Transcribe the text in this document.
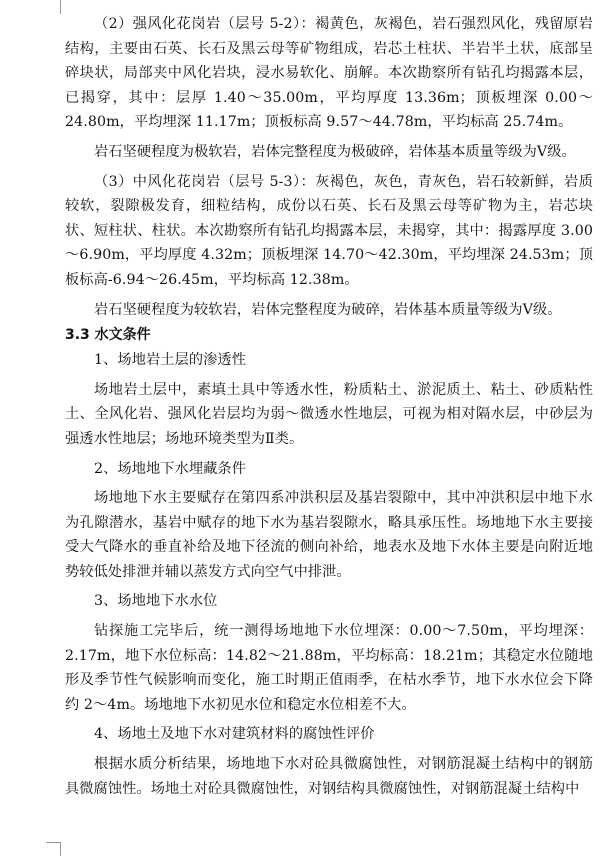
（2）强风化花岗岩（层号 5-2）：褐黄色，灰褐色，岩石强烈风化，残留原岩结构，主要由石英、长石及黑云母等矿物组成，岩芯土柱状、半岩半土状，底部呈碎块状，局部夹中风化岩块，浸水易软化、崩解。本次勘察所有钻孔均揭露本层，已揭穿，其中：层厚 1.40～35.00m，平均厚度 13.36m；顶板埋深 0.00～24.80m，平均埋深 11.17m；顶板标高 9.57～44.78m，平均标高 25.74m。

岩石坚硬程度为极软岩，岩体完整程度为极破碎，岩体基本质量等级为Ⅴ级。

（3）中风化花岗岩（层号 5-3）：灰褐色，灰色，青灰色，岩石较新鲜，岩质较软，裂隙极发育，细粒结构，成份以石英、长石及黑云母等矿物为主，岩芯块状、短柱状、柱状。本次勘察所有钻孔均揭露本层，未揭穿，其中：揭露厚度 3.00～6.90m，平均厚度 4.32m；顶板埋深 14.70～42.30m，平均埋深 24.53m；顶板标高-6.94～26.45m，平均标高 12.38m。

岩石坚硬程度为较软岩，岩体完整程度为破碎，岩体基本质量等级为Ⅴ级。

3.3 水文条件

1、场地岩土层的渗透性

场地岩土层中，素填土具中等透水性，粉质粘土、淤泥质土、粘土、砂质粘性土、全风化岩、强风化岩层均为弱～微透水性地层，可视为相对隔水层，中砂层为强透水性地层；场地环境类型为Ⅱ类。

2、场地地下水埋藏条件

场地地下水主要赋存在第四系冲洪积层及基岩裂隙中，其中冲洪积层中地下水为孔隙潜水，基岩中赋存的地下水为基岩裂隙水，略具承压性。场地地下水主要接受大气降水的垂直补给及地下径流的侧向补给，地表水及地下水体主要是向附近地势较低处排泄并辅以蒸发方式向空气中排泄。

3、场地地下水水位

钻探施工完毕后，统一测得场地地下水位埋深：0.00～7.50m，平均埋深：2.17m，地下水位标高：14.82～21.88m，平均标高：18.21m；其稳定水位随地形及季节性气候影响而变化，施工时期正值雨季，在枯水季节，地下水水位会下降约 2～4m。场地地下水初见水位和稳定水位相差不大。

4、场地土及地下水对建筑材料的腐蚀性评价

根据水质分析结果，场地地下水对砼具微腐蚀性，对钢筋混凝土结构中的钢筋具微腐蚀性。场地土对砼具微腐蚀性，对钢结构具微腐蚀性，对钢筋混凝土结构中
